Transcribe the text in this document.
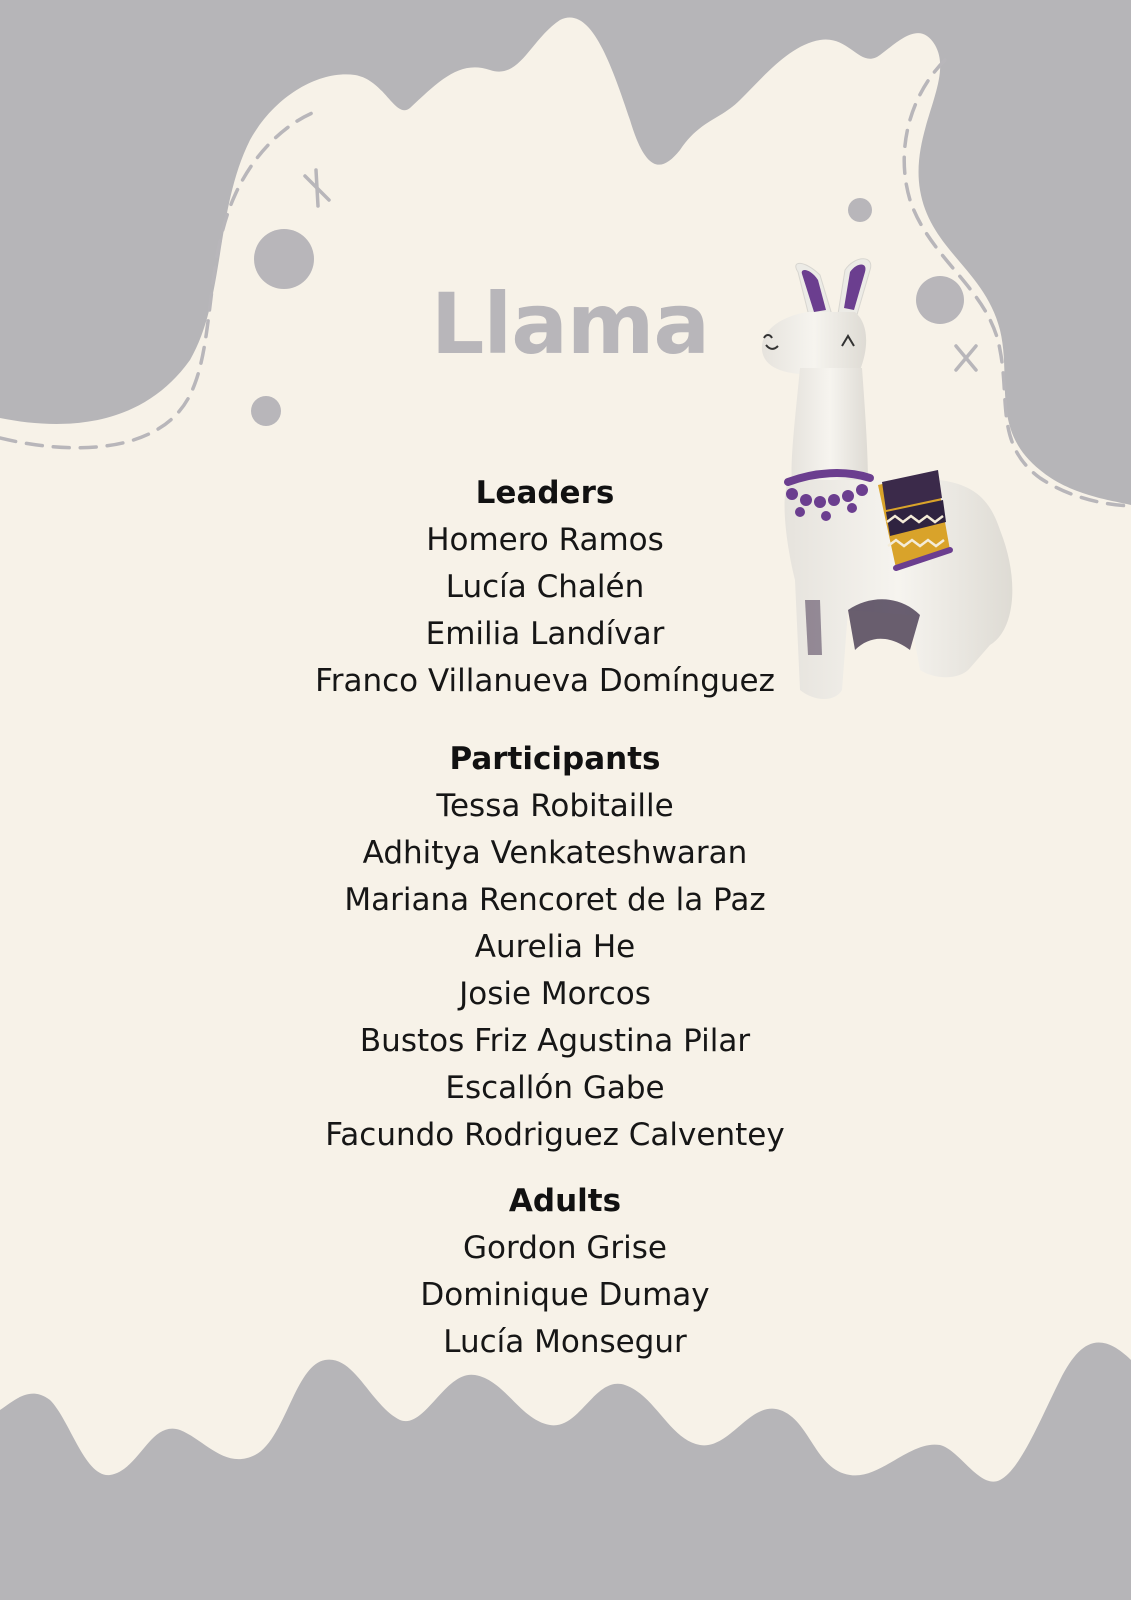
Llama
Leaders
Homero Ramos
Lucía Chalén
Emilia Landívar
Franco Villanueva Domínguez
Participants
Tessa Robitaille
Adhitya Venkateshwaran
Mariana Rencoret de la Paz
Aurelia He
Josie Morcos
Bustos Friz Agustina Pilar
Escallón Gabe
Facundo Rodriguez Calventey
Adults
Gordon Grise
Dominique Dumay
Lucía Monsegur
